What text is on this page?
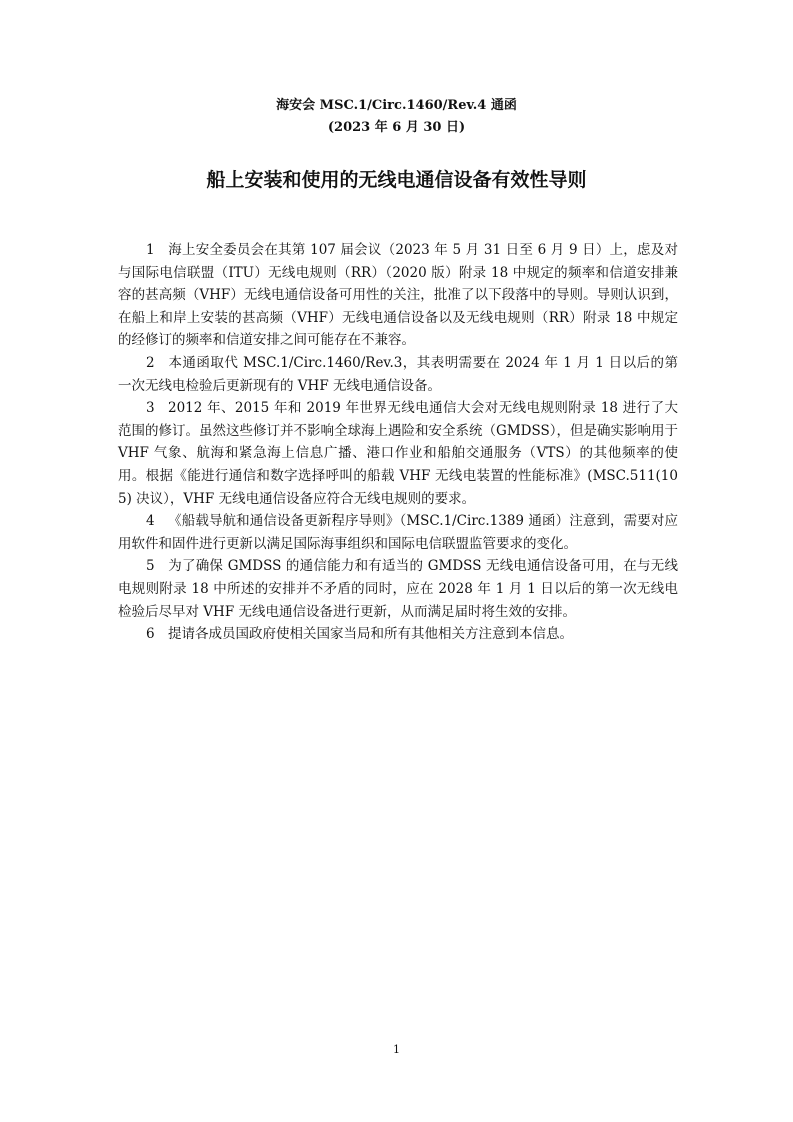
海安会 MSC.1/Circ.1460/Rev.4 通函
(2023 年 6 月 30 日)
船上安装和使用的无线电通信设备有效性导则

1 海上安全委员会在其第 107 届会议（2023 年 5 月 31 日至 6 月 9 日）上，虑及对与国际电信联盟（ITU）无线电规则（RR）（2020 版）附录 18 中规定的频率和信道安排兼容的甚高频（VHF）无线电通信设备可用性的关注，批准了以下段落中的导则。导则认识到，在船上和岸上安装的甚高频（VHF）无线电通信设备以及无线电规则（RR）附录 18 中规定的经修订的频率和信道安排之间可能存在不兼容。

2 本通函取代 MSC.1/Circ.1460/Rev.3，其表明需要在 2024 年 1 月 1 日以后的第一次无线电检验后更新现有的 VHF 无线电通信设备。

3 2012 年、2015 年和 2019 年世界无线电通信大会对无线电规则附录 18 进行了大范围的修订。虽然这些修订并不影响全球海上遇险和安全系统（GMDSS），但是确实影响用于 VHF 气象、航海和紧急海上信息广播、港口作业和船舶交通服务（VTS）的其他频率的使用。根据《能进行通信和数字选择呼叫的船载 VHF 无线电装置的性能标准》(MSC.511(105) 决议），VHF 无线电通信设备应符合无线电规则的要求。

4 《船载导航和通信设备更新程序导则》（MSC.1/Circ.1389 通函）注意到，需要对应用软件和固件进行更新以满足国际海事组织和国际电信联盟监管要求的变化。

5 为了确保 GMDSS 的通信能力和有适当的 GMDSS 无线电通信设备可用，在与无线电规则附录 18 中所述的安排并不矛盾的同时，应在 2028 年 1 月 1 日以后的第一次无线电检验后尽早对 VHF 无线电通信设备进行更新，从而满足届时将生效的安排。

6 提请各成员国政府使相关国家当局和所有其他相关方注意到本信息。

1
